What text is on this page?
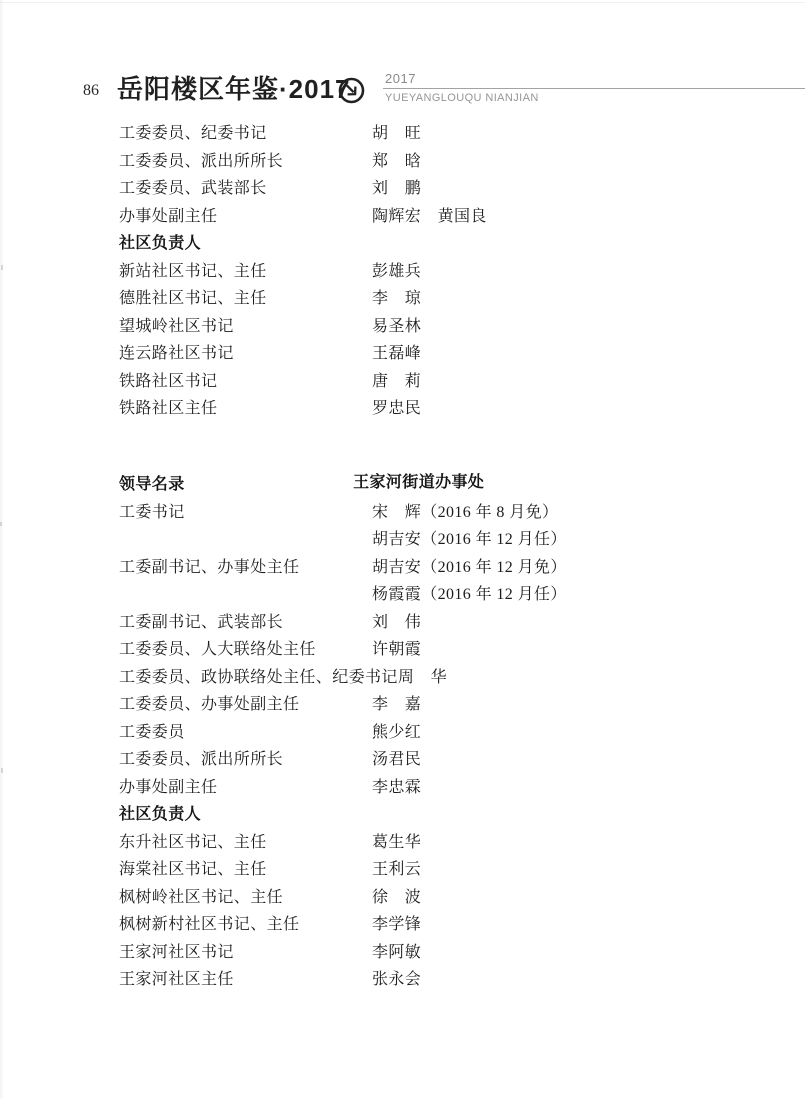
86 岳阳楼区年鉴·2017	2017
YUEYANGLOUQU NIANJIAN
工委委员、纪委书记	胡　旺
工委委员、派出所所长	郑　晗
工委委员、武装部长	刘　鹏
办事处副主任	陶辉宏　黄国良
社区负责人
新站社区书记、主任	彭雄兵
德胜社区书记、主任	李　琼
望城岭社区书记	易圣林
连云路社区书记	王磊峰
铁路社区书记	唐　莉
铁路社区主任	罗忠民

王家河街道办事处

领导名录
工委书记	宋　辉（2016 年 8 月免）
胡吉安（2016 年 12 月任）
工委副书记、办事处主任	胡吉安（2016 年 12 月免）
杨霞霞（2016 年 12 月任）
工委副书记、武装部长	刘　伟
工委委员、人大联络处主任	许朝霞
工委委员、政协联络处主任、纪委书记 周　华
工委委员、办事处副主任	李　嘉
工委委员	熊少红
工委委员、派出所所长	汤君民
办事处副主任	李忠霖
社区负责人
东升社区书记、主任	葛生华
海棠社区书记、主任	王利云
枫树岭社区书记、主任	徐　波
枫树新村社区书记、主任	李学锋
王家河社区书记	李阿敏
王家河社区主任	张永会
